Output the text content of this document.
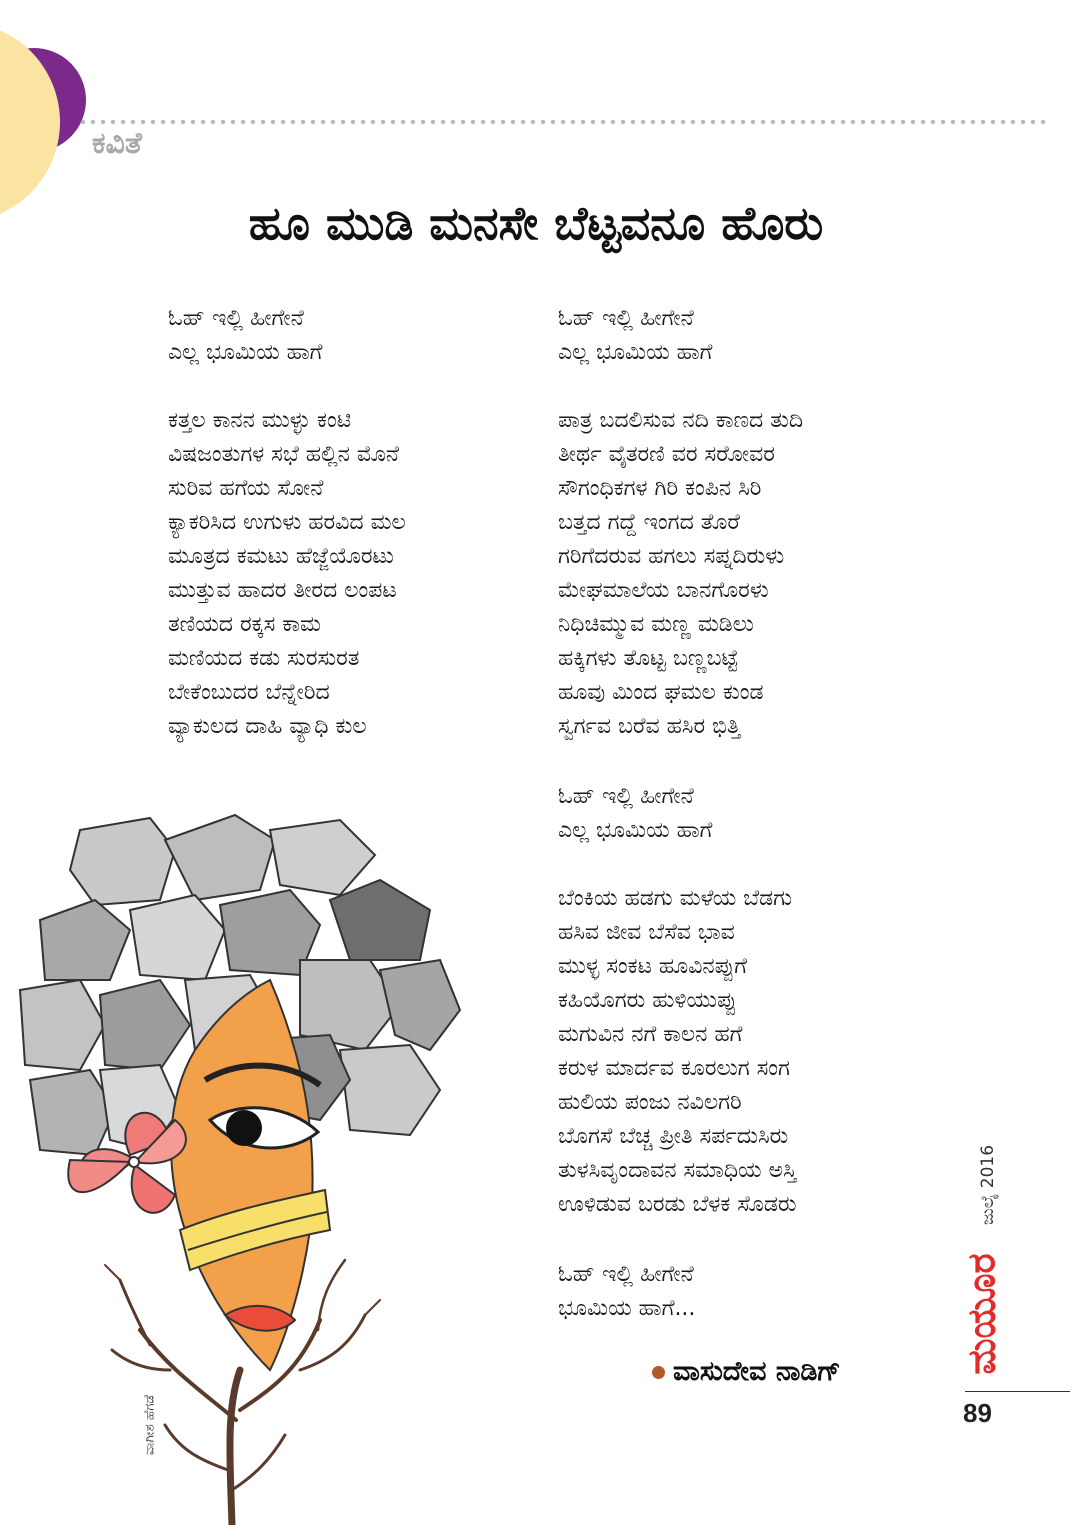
ಕವಿತೆ
ಹೂ ಮುಡಿ ಮನಸೇ ಬೆಟ್ಟವನೂ ಹೊರು
ಓಹ್ ಇಲ್ಲಿ ಹೀಗೇನೆ
ಎಲ್ಲ ಭೂಮಿಯ ಹಾಗೆ
ಕತ್ತಲ ಕಾನನ ಮುಳ್ಳು ಕಂಟಿ
ವಿಷಜಂತುಗಳ ಸಭೆ ಹಲ್ಲಿನ ಮೊನೆ
ಸುರಿವ ಹಗೆಯ ಸೋನೆ
ಕ್ಯಾಕರಿಸಿದ ಉಗುಳು ಹರವಿದ ಮಲ
ಮೂತ್ರದ ಕಮಟು ಹೆಜ್ಜೆಯೊರಟು
ಮುತ್ತುವ ಹಾದರ ತೀರದ ಲಂಪಟ
ತಣಿಯದ ರಕ್ಕಸ ಕಾಮ
ಮಣಿಯದ ಕಡು ಸುರಸುರತ
ಬೇಕೆಂಬುದರ ಬೆನ್ನೇರಿದ
ವ್ಯಾಕುಲದ ದಾಹಿ ವ್ಯಾಧಿ ಕುಲ
ಓಹ್ ಇಲ್ಲಿ ಹೀಗೇನೆ
ಎಲ್ಲ ಭೂಮಿಯ ಹಾಗೆ
ಪಾತ್ರ ಬದಲಿಸುವ ನದಿ ಕಾಣದ ತುದಿ
ತೀರ್ಥ ವೈತರಣಿ ವರ ಸರೋವರ
ಸೌಗಂಧಿಕಗಳ ಗಿರಿ ಕಂಪಿನ ಸಿರಿ
ಬತ್ತದ ಗದ್ದೆ ಇಂಗದ ತೊರೆ
ಗರಿಗೆದರುವ ಹಗಲು ಸಪ್ನದಿರುಳು
ಮೇಘಮಾಲೆಯ ಬಾನಗೊರಳು
ನಿಧಿಚಿಮ್ಮುವ ಮಣ್ಣ ಮಡಿಲು
ಹಕ್ಕಿಗಳು ತೊಟ್ಟ ಬಣ್ಣಬಟ್ಟೆ
ಹೂವು ಮಿಂದ ಘಮಲ ಕುಂಡ
ಸ್ವರ್ಗವ ಬರೆವ ಹಸಿರ ಭಿತ್ತಿ
ಓಹ್ ಇಲ್ಲಿ ಹೀಗೇನೆ
ಎಲ್ಲ ಭೂಮಿಯ ಹಾಗೆ
ಬೆಂಕಿಯ ಹಡಗು ಮಳೆಯ ಬೆಡಗು
ಹಸಿವ ಜೀವ ಬೆಸೆವ ಭಾವ
ಮುಳ್ಳ ಸಂಕಟ ಹೂವಿನಪ್ಪುಗೆ
ಕಹಿಯೊಗರು ಹುಳಿಯುಪ್ಪು
ಮಗುವಿನ ನಗೆ ಕಾಲನ ಹಗೆ
ಕರುಳ ಮಾರ್ದವ ಕೂರಲುಗ ಸಂಗ
ಹುಲಿಯ ಪಂಜು ನವಿಲಗರಿ
ಬೊಗಸೆ ಬೆಚ್ಚ ಪ್ರೀತಿ ಸರ್ಪದುಸಿರು
ತುಳಸಿವೃಂದಾವನ ಸಮಾಧಿಯ ಅಸ್ತಿ
ಊಳಿಡುವ ಬರಡು ಬೆಳಕ ಸೊಡರು
ಓಹ್ ಇಲ್ಲಿ ಹೀಗೇನೆ
ಭೂಮಿಯ ಹಾಗೆ...
ವಾಸುದೇವ ನಾಡಿಗ್
ಜುಲೈ 2016
ಮಯೂರ

89

ವಾಗೀಶ ಹೆಗಡೆ
